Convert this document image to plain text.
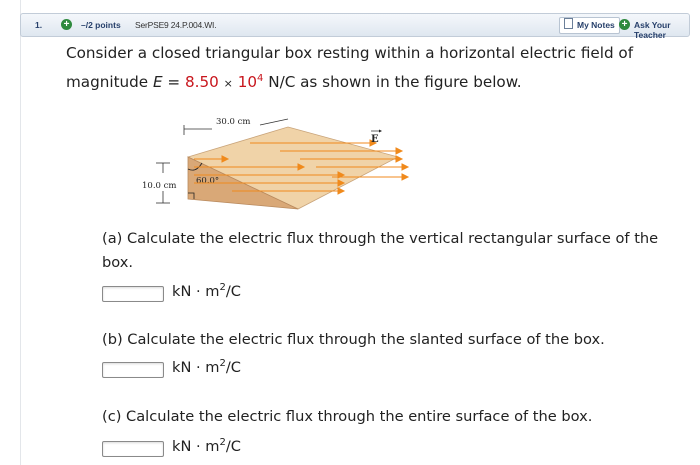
1. +	–/2 points SerPSE9 24.P.004.WI.	My Notes + Ask Your Teacher
Consider a closed triangular box resting within a horizontal electric field of magnitude $E = 8.50 \times 10^4$ N/C as shown in the figure below.
30.0 cm
10.0 cm 60.0°
E
(a) Calculate the electric flux through the vertical rectangular surface of the box.
kN · $m^2/C$
(b) Calculate the electric flux through the slanted surface of the box.
kN · $m^2/C$
(c) Calculate the electric flux through the entire surface of the box.
kN · $m^2/C$
